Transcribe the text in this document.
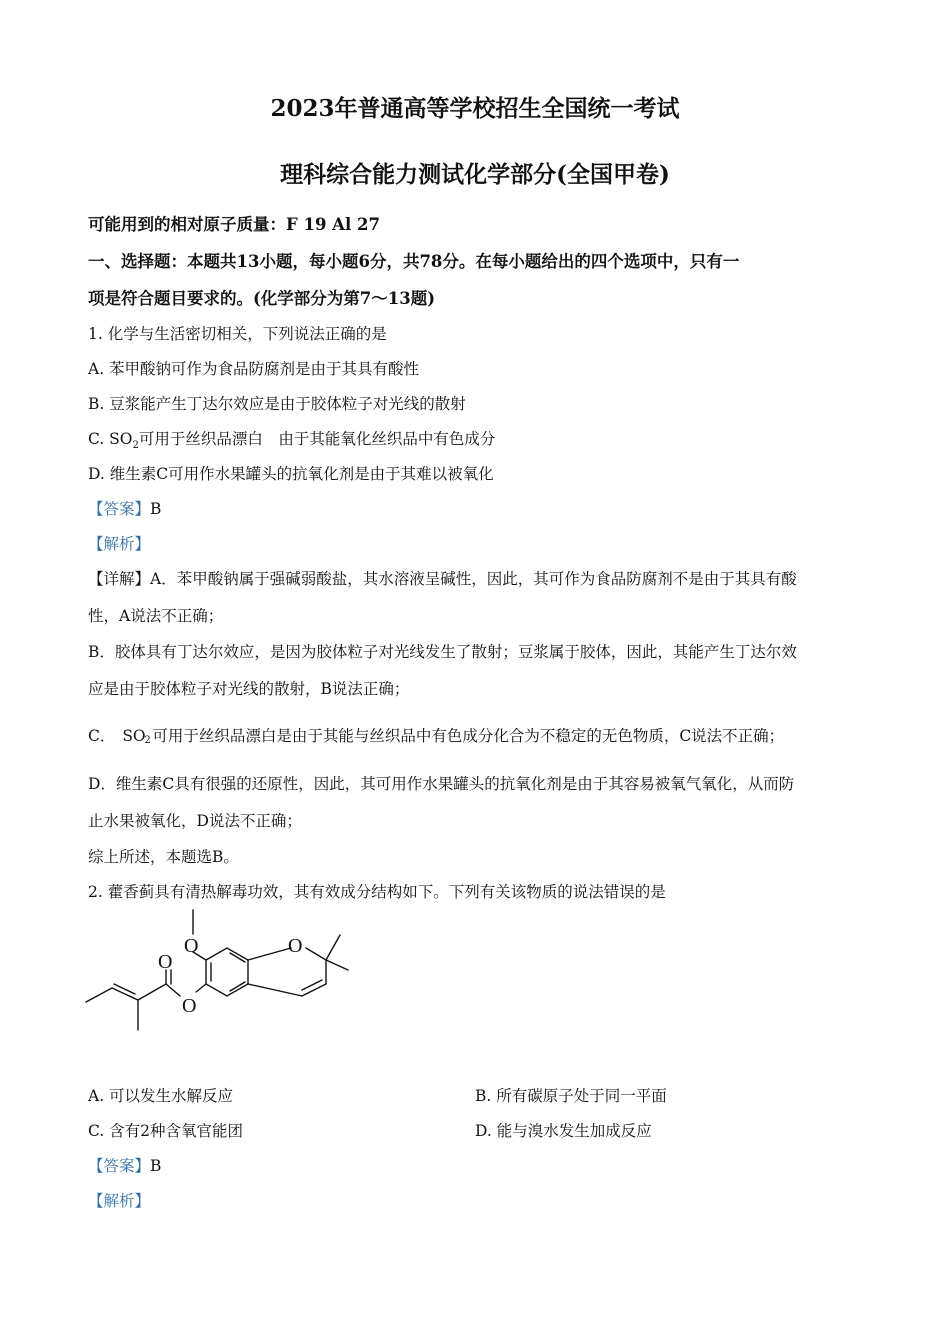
2023年普通高等学校招生全国统一考试
理科综合能力测试化学部分(全国甲卷)
可能用到的相对原子质量：F 19 Al 27
一、选择题：本题共13小题，每小题6分，共78分。在每小题给出的四个选项中，只有一
项是符合题目要求的。(化学部分为第7～13题)
1. 化学与生活密切相关，下列说法正确的是
A. 苯甲酸钠可作为食品防腐剂是由于其具有酸性
B. 豆浆能产生丁达尔效应是由于胶体粒子对光线的散射
C. $SO_2$可用于丝织品漂白　由于其能氧化丝织品中有色成分
D. 维生素C可用作水果罐头的抗氧化剂是由于其难以被氧化
【答案】B
【解析】
【详解】A．苯甲酸钠属于强碱弱酸盐，其水溶液呈碱性，因此，其可作为食品防腐剂不是由于其具有酸
性，A说法不正确；
B．胶体具有丁达尔效应，是因为胶体粒子对光线发生了散射；豆浆属于胶体，因此，其能产生丁达尔效
应是由于胶体粒子对光线的散射，B说法正确；
C． SO
2 可用于丝织品漂白是由于其能与丝织品中有色成分化合为不稳定的无色物质，C说法不正确；
D．维生素C具有很强的还原性，因此，其可用作水果罐头的抗氧化剂是由于其容易被氧气氧化，从而防
止水果被氧化，D说法不正确；
综上所述，本题选B。
2. 藿香蓟具有清热解毒功效，其有效成分结构如下。下列有关该物质的说法错误的是
O	O
O
O
A. 可以发生水解反应	B. 所有碳原子处于同一平面
C. 含有2种含氧官能团	D. 能与溴水发生加成反应
【答案】B
【解析】
